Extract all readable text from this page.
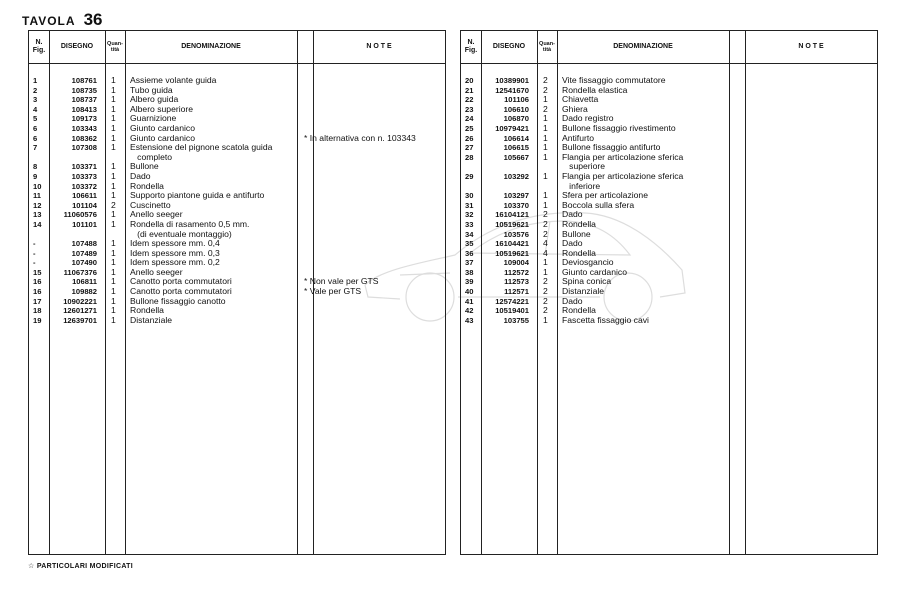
TAVOLA 36
N.
Fig.
DISEGNO	Quan-
tità	DENOMINAZIONE	N O T E
1	108761 1	Assieme volante guida
2	108735 1	Tubo guida
3	108737 1	Albero guida
4	108413 1	Albero superiore
5	109173 1	Guarnizione
6	103343 1	Giunto cardanico
6	108362 1	Giunto cardanico	* In alternativa con n. 103343
7	107308 1	Estensione del pignone scatola guida
completo
8	103371 1	Bullone
9	103373 1	Dado
10	103372 1	Rondella
11	106611 1	Supporto piantone guida e antifurto
12	101104 2	Cuscinetto
13	11060576 1	Anello seeger
14	101101 1	Rondella di rasamento 0,5 mm.
(di eventuale montaggio)
-	107488 1	Idem spessore mm. 0,4
-	107489 1	Idem spessore mm. 0,3
-	107490 1	Idem spessore mm. 0,2
15	11067376 1	Anello seeger
16	106811 1	Canotto porta commutatori	* Non vale per GTS
16	109882 1	Canotto porta commutatori	* Vale per GTS
17	10902221 1	Bullone fissaggio canotto
18	12601271 1	Rondella
19	12639701 1	Distanziale
N.
Fig.
DISEGNO	Quan-
tità	DENOMINAZIONE	N O T E
20	10389901 2	Vite fissaggio commutatore
21	12541670 2	Rondella elastica
22	101106 1	Chiavetta
23	106610 2	Ghiera
24	106870 1	Dado registro
25	10979421 1	Bullone fissaggio rivestimento
26	106614 1	Antifurto
27	106615 1	Bullone fissaggio antifurto
28	105667 1	Flangia per articolazione sferica
superiore
29	103292 1	Flangia per articolazione sferica
inferiore
30	103297 1	Sfera per articolazione
31	103370 1	Boccola sulla sfera
32	16104121 2	Dado
33	10519621 2	Rondella
34	103576 2	Bullone
35	16104421 4	Dado
36	10519621 4	Rondella
37	109004 1	Deviosgancio
38	112572 1	Giunto cardanico
39	112573 2	Spina conica
40	112571 2	Distanziale
41	12574221 2	Dado
42	10519401 2	Rondella
43	103755 1	Fascetta fissaggio cavi
☆ PARTICOLARI MODIFICATI
